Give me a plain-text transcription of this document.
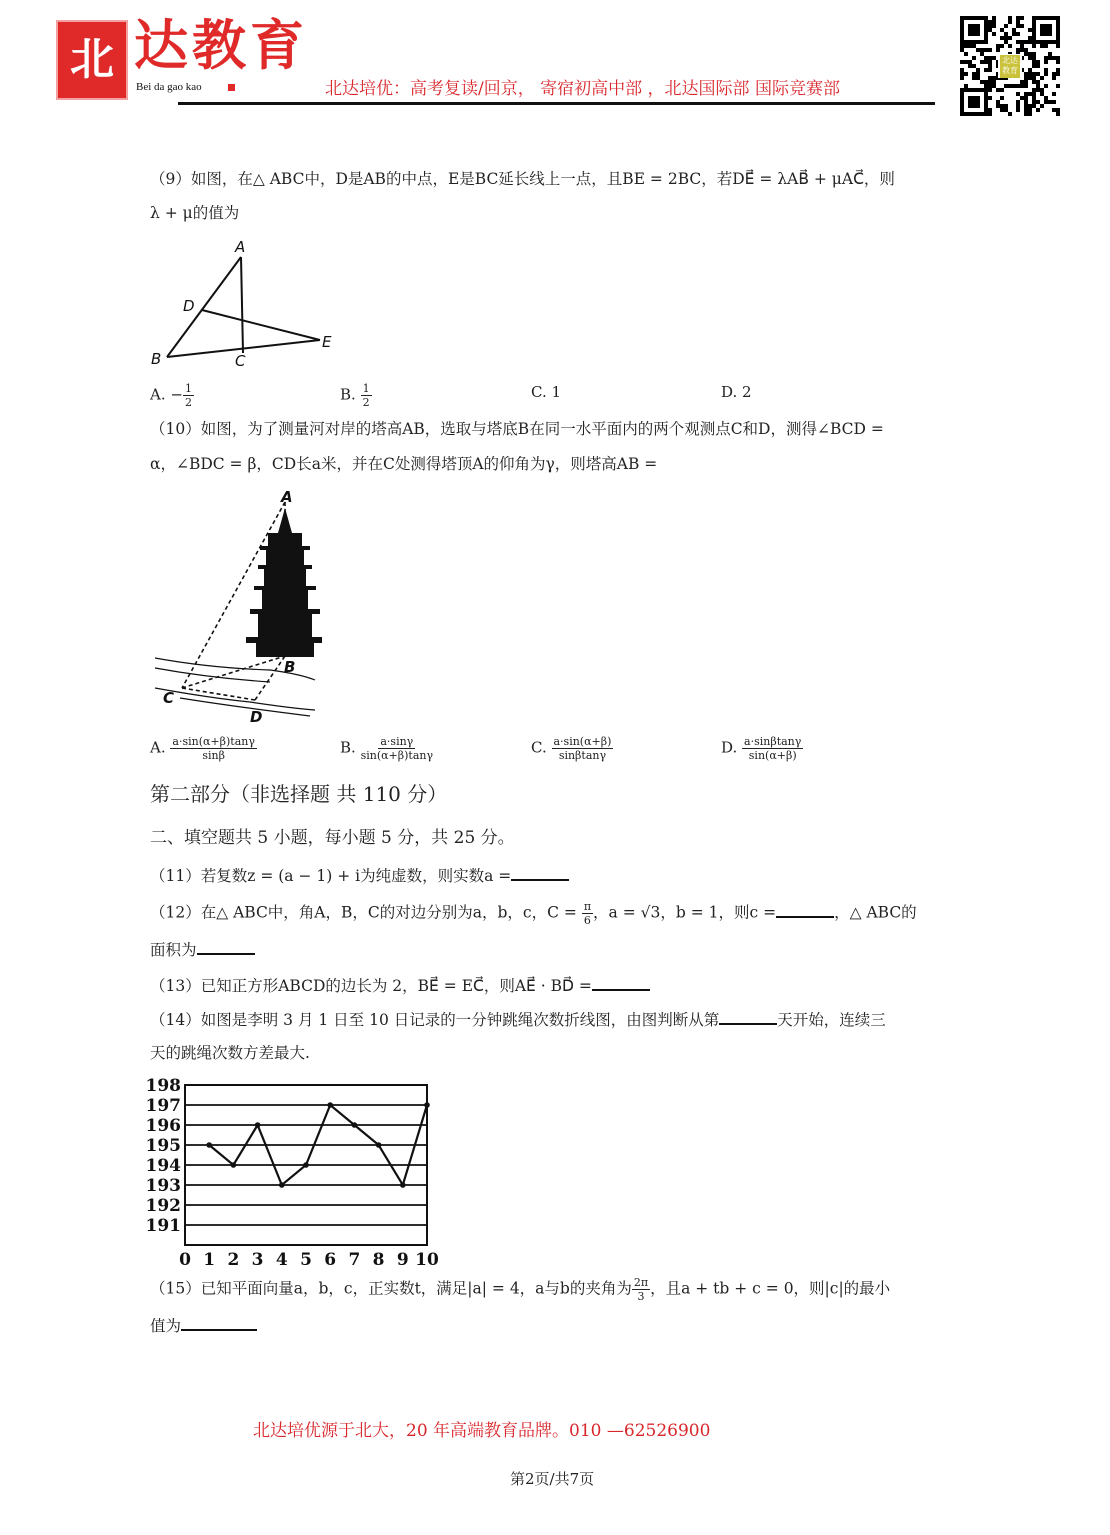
北 达教育
Bei da gao kao	北达培优：高考复读/回京， 寄宿初高中部 ，北达国际部 国际竞赛部
北达教育
（9）如图，在△ ABC中，D是AB的中点，E是BC延长线上一点，且BE = 2BC，若DE⃗ = λAB⃗ + μAC⃗，则
λ + μ的值为
A
D
B	C
E
A. − $\frac{1}{2}$	B. $\frac{1}{2}$	C. 1	D. 2
（10）如图，为了测量河对岸的塔高AB，选取与塔底B在同一水平面内的两个观测点C和D，测得∠BCD =
α，∠BDC = β，CD长a米，并在C处测得塔顶A的仰角为γ，则塔高AB =
A
B
C
D
A. $\frac{a\cdot\sin(\alpha+\beta)\tan\gamma}{\sin\beta}$	B. $\frac{a\cdot\sin\gamma}{\sin(\alpha+\beta)\tan\gamma}$	C. $\frac{a\cdot\sin(\alpha+\beta)}{\sin\beta\tan\gamma}$	D. $\frac{a\cdot\sin\beta\tan\gamma}{\sin(\alpha+\beta)}$
第二部分（非选择题 共 110 分）
二、填空题共 5 小题，每小题 5 分，共 25 分。
（11）若复数z = (a − 1) + i为纯虚数，则实数a =
（12）在△ ABC中，角A，B，C的对边分别为a，b，c，$C = \frac{\pi}{6}$ ，a = √3，b = 1，则c =	，△ ABC的
面积为
（13）已知正方形ABCD的边长为 2，BE⃗ = EC⃗，则AE⃗ · BD⃗ =
（14）如图是李明 3 月 1 日至 10 日记录的一分钟跳绳次数折线图，由图判断从第	天开始，连续三
天的跳绳次数方差最大.
191
192
193
194
195
196
197
198
0 1 2 3 4 5 6 7 8 9 10
（15）已知平面向量a，b，c，正实数t，满足|a| = 4，a与b的夹角为 $\frac{2\pi}{3}$ ，且a + tb + c = 0，则|c|的最小
值为
北达培优源于北大，20 年高端教育品牌。010 —62526900
第2页/共7页
